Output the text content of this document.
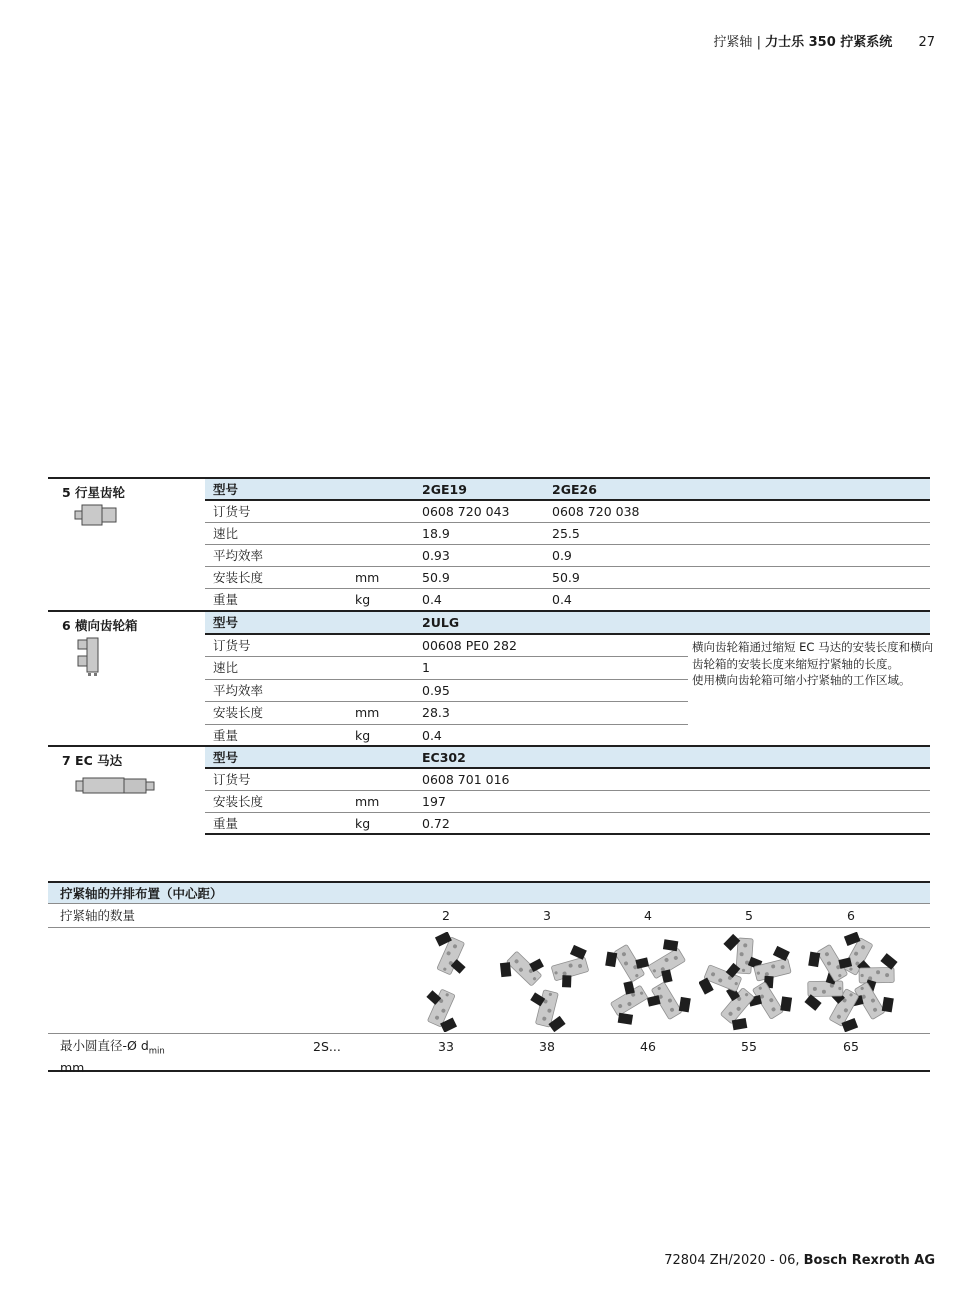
拧紧轴 | 力士乐 350 拧紧系统 27
5 行星齿轮	型号	2GE19	2GE26
订货号	0608 720 043	0608 720 038
速比	18.9	25.5
平均效率	0.93	0.9
安装长度	mm	50.9	50.9
重量	kg	0.4	0.4
6 横向齿轮箱	型号	2ULG
订货号	00608 PE0 282
速比	1
平均效率	0.95
安装长度	mm	28.3
重量	kg	0.4
横向齿轮箱通过缩短 EC 马达的安装长度和横向
齿轮箱的安装长度来缩短拧紧轴的长度。
使用横向齿轮箱可缩小拧紧轴的工作区域。
7 EC 马达	型号	EC302
订货号	0608 701 016
安装长度	mm	197
重量	kg	0.72
拧紧轴的并排布置（中心距）
拧紧轴的数量	2	3	4	5	6
最小圆直径-Ø $d_{min}$
mm
2S...	33	38	46	55	65
72804 ZH/2020 - 06, Bosch Rexroth AG
